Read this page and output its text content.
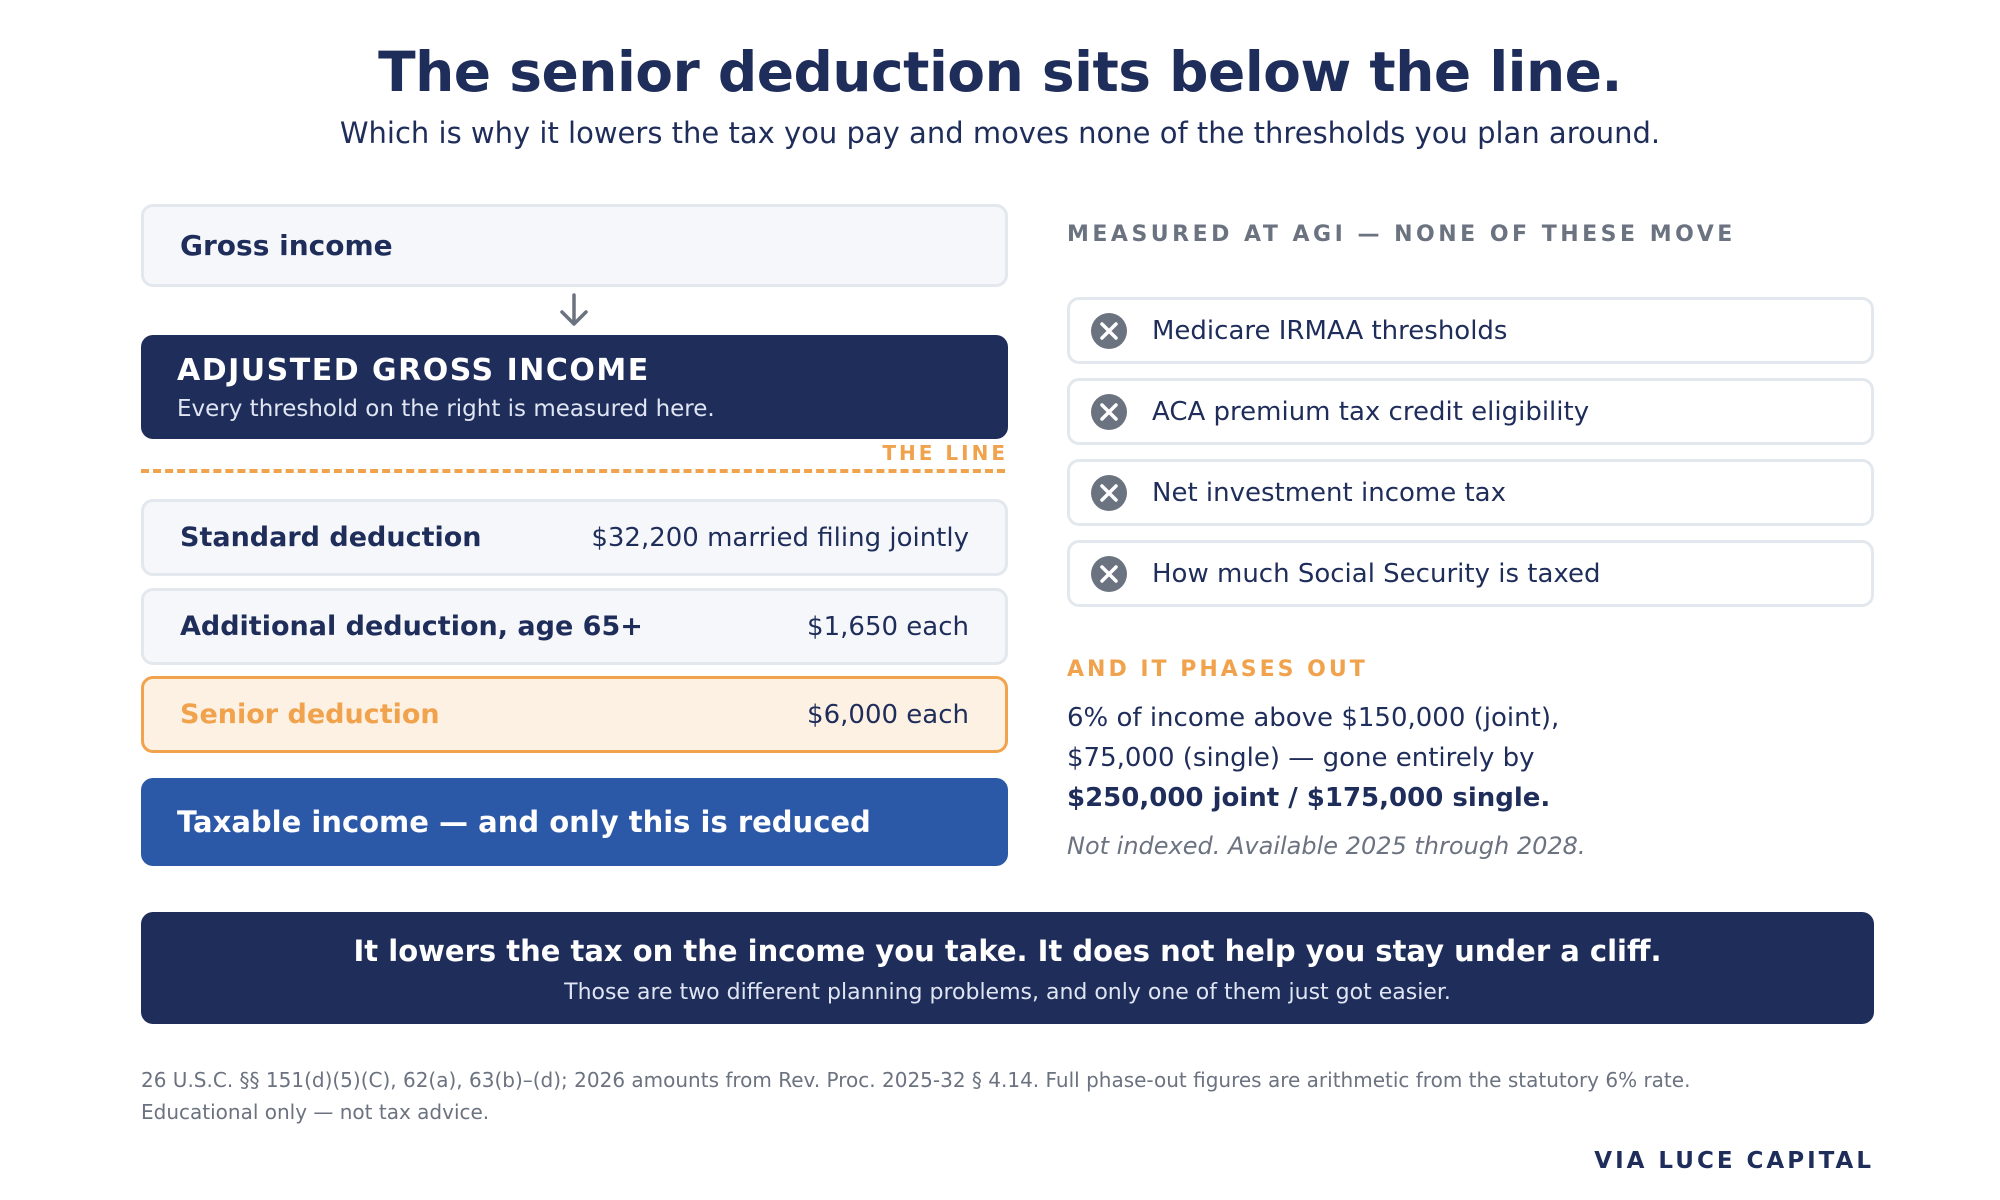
The senior deduction sits below the line.
Which is why it lowers the tax you pay and moves none of the thresholds you plan around.
Gross income
ADJUSTED GROSS INCOME
Every threshold on the right is measured here.
THE LINE
Standard deduction	$32,200 married filing jointly
Additional deduction, age 65+	$1,650 each
Senior deduction	$6,000 each
Taxable income — and only this is reduced
MEASURED AT AGI — NONE OF THESE MOVE
Medicare IRMAA thresholds
ACA premium tax credit eligibility
Net investment income tax
How much Social Security is taxed
AND IT PHASES OUT
6% of income above $150,000 (joint),
$75,000 (single) — gone entirely by
$250,000 joint / $175,000 single.
Not indexed. Available 2025 through 2028.
It lowers the tax on the income you take. It does not help you stay under a cliff.
Those are two different planning problems, and only one of them just got easier.
26 U.S.C. §§ 151(d)(5)(C), 62(a), 63(b)–(d); 2026 amounts from Rev. Proc. 2025-32 § 4.14. Full phase-out figures are arithmetic from the statutory 6% rate.
Educational only — not tax advice.
VIA LUCE CAPITAL
